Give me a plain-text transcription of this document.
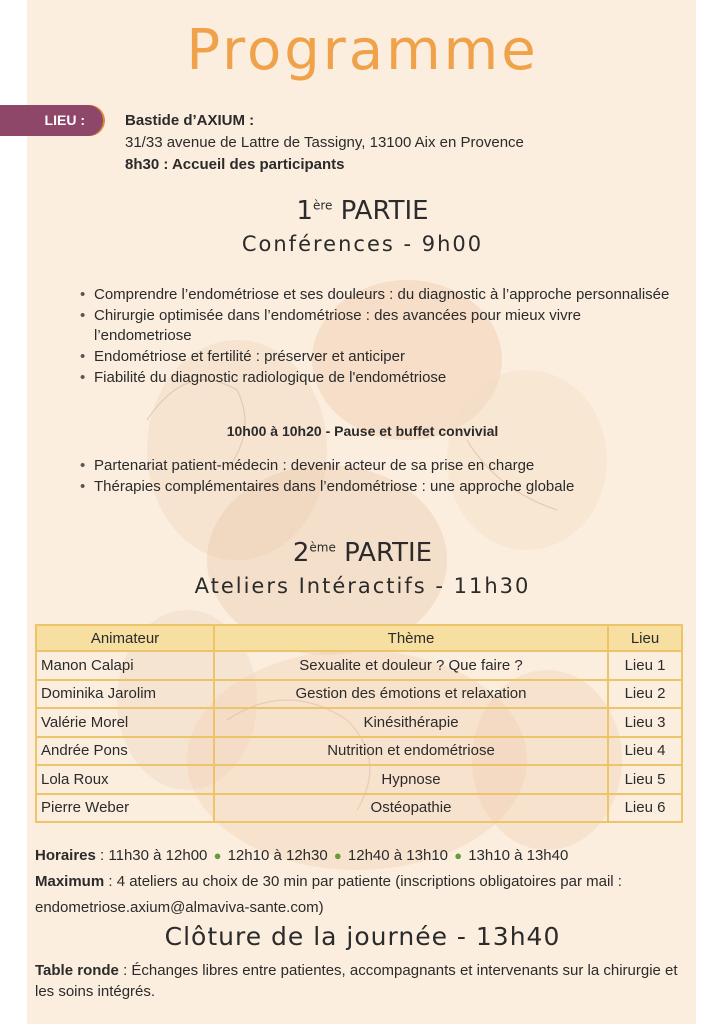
Programme
LIEU :	Bastide d’AXIUM :
31/33 avenue de Lattre de Tassigny, 13100 Aix en Provence
8h30 : Accueil des participants
1ère PARTIE
Conférences - 9h00
• Comprendre l’endométriose et ses douleurs : du diagnostic à l’approche personnalisée
• Chirurgie optimisée dans l’endométriose : des avancées pour mieux vivre l’endometriose
• Endométriose et fertilité : préserver et anticiper
• Fiabilité du diagnostic radiologique de l'endométriose
10h00 à 10h20 - Pause et buffet convivial
• Partenariat patient-médecin : devenir acteur de sa prise en charge
• Thérapies complémentaires dans l’endométriose : une approche globale
2ème PARTIE
Ateliers Intéractifs - 11h30
Animateur	Thème	Lieu
Manon Calapi	Sexualite et douleur ? Que faire ?	Lieu 1
Dominika Jarolim	Gestion des émotions et relaxation	Lieu 2
Valérie Morel	Kinésithérapie	Lieu 3
Andrée Pons	Nutrition et endométriose	Lieu 4
Lola Roux	Hypnose	Lieu 5
Pierre Weber	Ostéopathie	Lieu 6
Horaires : 11h30 à 12h00 ● 12h10 à 12h30 ● 12h40 à 13h10 ● 13h10 à 13h40
Maximum : 4 ateliers au choix de 30 min par patiente (inscriptions obligatoires par mail :
endometriose.axium@almaviva-sante.com)
Clôture de la journée - 13h40
Table ronde : Échanges libres entre patientes, accompagnants et intervenants sur la chirurgie et les soins intégrés.
